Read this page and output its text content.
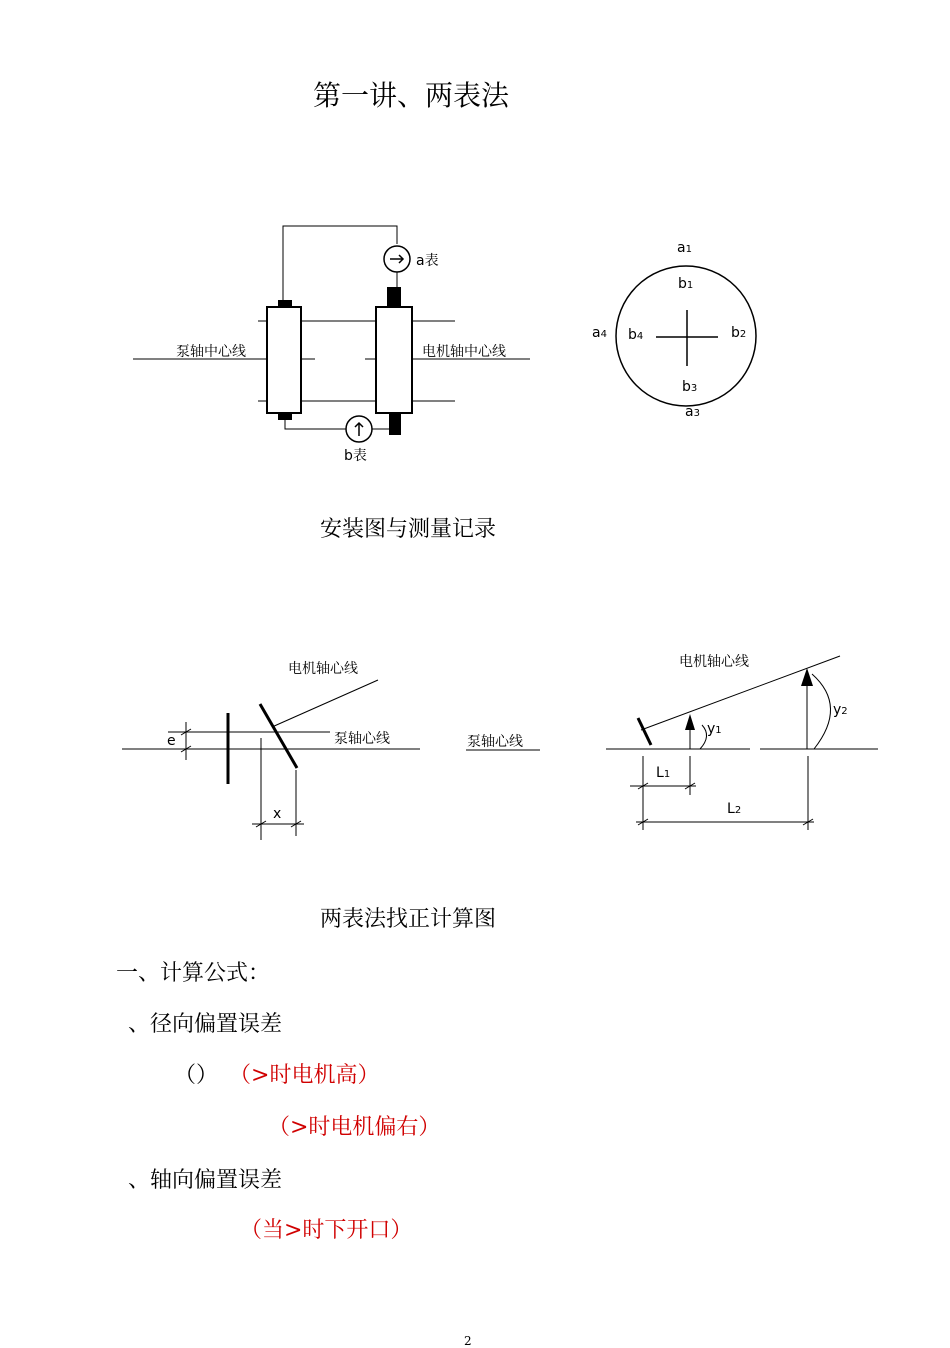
第一讲、两表法
a表
b表
泵轴中心线	电机轴中心线
a1
b1
b2
b3
a3
a4 b4
安装图与测量记录
电机轴心线
泵轴心线
e
x
泵轴心线
电机轴心线
y1
y2
L1
L2
两表法找正计算图
一、计算公式：
、径向偏置误差
（） （>时电机高）
（>时电机偏右）
、轴向偏置误差
（当>时下开口）
2
